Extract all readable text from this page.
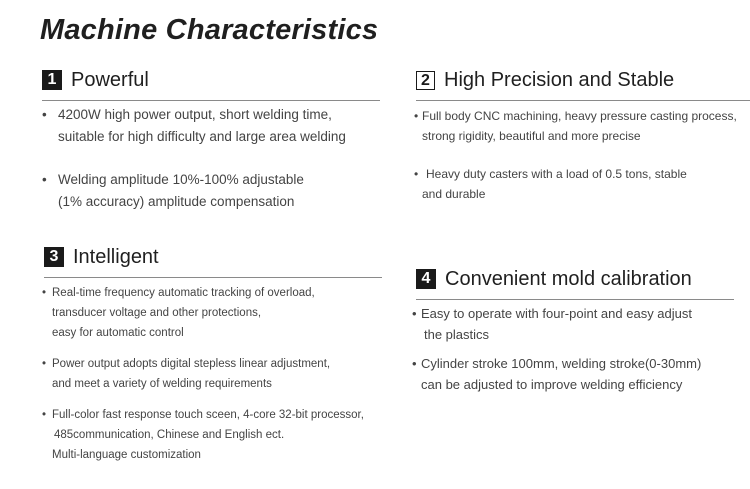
Machine Characteristics
1 Powerful
• 4200W high power output, short welding time,
suitable for high difficulty and large area welding
• Welding amplitude 10%-100% adjustable
(1% accuracy) amplitude compensation
2 High Precision and Stable
• Full body CNC machining, heavy pressure casting process,
strong rigidity, beautiful and more precise
• Heavy duty casters with a load of 0.5 tons, stable
and durable
3 Intelligent
• Real-time frequency automatic tracking of overload,
transducer voltage and other protections,
easy for automatic control
• Power output adopts digital stepless linear adjustment,
and meet a variety of welding requirements
• Full-color fast response touch sceen, 4-core 32-bit processor,
485communication, Chinese and English ect.
Multi-language customization
4 Convenient mold calibration
• Easy to operate with four-point and easy adjust
the plastics
• Cylinder stroke 100mm, welding stroke(0-30mm)
can be adjusted to improve welding efficiency
